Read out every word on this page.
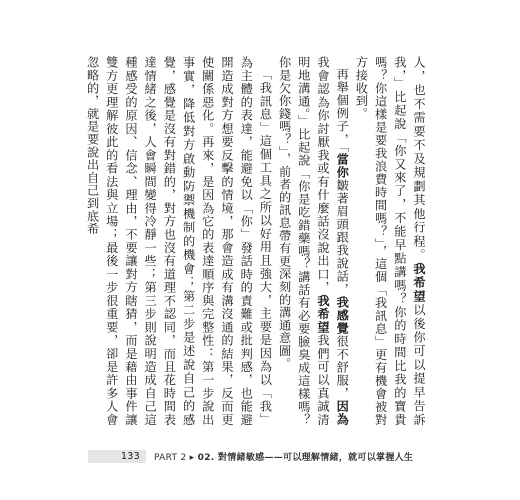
人，也不需要不及規劃其他行程。我希望以後你可以提早告訴我，」比起說「你又來了，不能早點講嗎？你的時間比我的寶貴嗎？你這樣是要我浪費時間嗎？」，這個「我訊息」更有機會被對方接收到。

再舉個例子，「當你皺著眉頭跟我說話，我感覺很不舒服，因為我會認為你討厭我或有什麼話沒說出口，我希望我們可以真誠清明地溝通。」比起說「你是吃錯藥嗎？講話有必要臉臭成這樣嗎？你是欠你錢嗎？」，前者的訊息帶有更深刻的溝通意圖。

「我訊息」這個工具之所以好用且強大，主要是因為以「我」為主體的表達，能避免以「你」發話時的責難或批判感，也能避開造成對方想要反擊的情境，那會造成有溝沒通的結果，反而更使關係惡化。再來，是因為它的表達順序與完整性：第一步說出事實，降低對方啟動防禦機制的機會；第二步是述說自己的感覺，感覺是沒有對錯的，對方也沒有道理不認同，而且花時間表達情緒之後，人會瞬間變得冷靜一些；第三步則說明造成自己這種感受的原因、信念、理由，不要讓對方瞎猜，而是藉由事件讓雙方更理解彼此的看法與立場；最後一步很重要，卻是許多人會忽略的，就是要說出自己到底希

133 PART 2 ▸ 02. 對情緒敏感——可以理解情緒，就可以掌握人生
